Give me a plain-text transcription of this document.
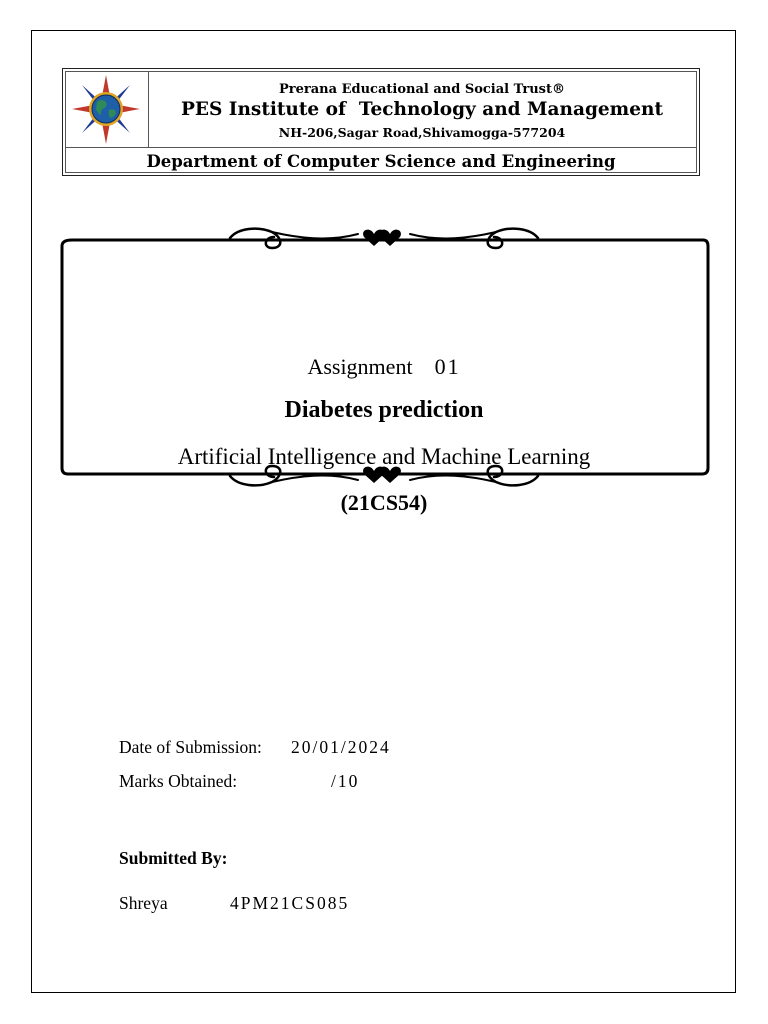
Prerana Educational and Social Trust®
PES Institute of  Technology and Management
NH-206,Sagar Road,Shivamogga-577204
Department of Computer Science and Engineering
Assignment 01
Diabetes prediction
Artificial Intelligence and Machine Learning
(21CS54)
Date of Submission: 20/01/2024
Marks Obtained:	/10
Submitted By:
Shreya	4PM21CS085
